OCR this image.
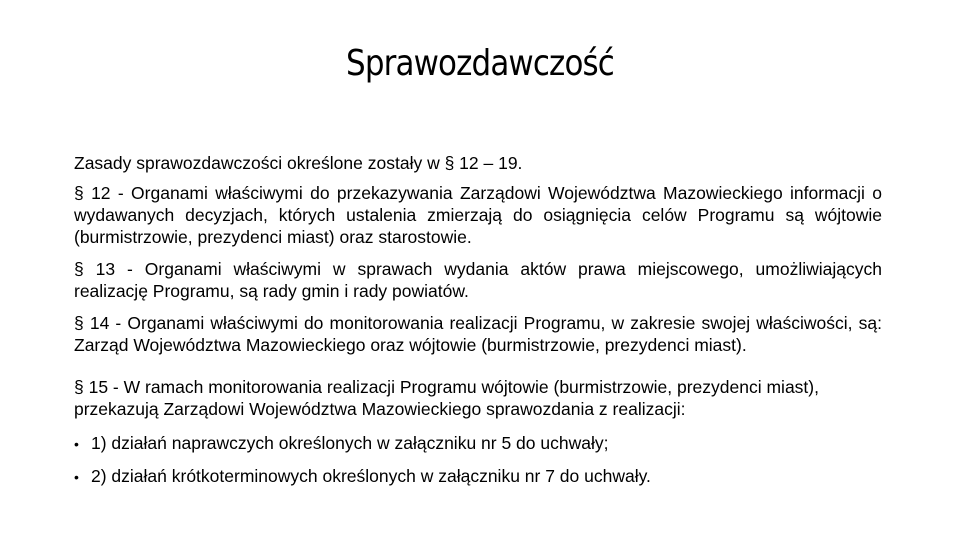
Sprawozdawczość

Zasady sprawozdawczości określone zostały w § 12 – 19.

§ 12 - Organami właściwymi do przekazywania Zarządowi Województwa Mazowieckiego informacji o wydawanych decyzjach, których ustalenia zmierzają do osiągnięcia celów Programu są wójtowie (burmistrzowie, prezydenci miast) oraz starostowie.

§ 13 - Organami właściwymi w sprawach wydania aktów prawa miejscowego, umożliwiających realizację Programu, są rady gmin i rady powiatów.

§ 14 - Organami właściwymi do monitorowania realizacji Programu, w zakresie swojej właściwości, są: Zarząd Województwa Mazowieckiego oraz wójtowie (burmistrzowie, prezydenci miast).

§ 15 - W ramach monitorowania realizacji Programu wójtowie (burmistrzowie, prezydenci miast), przekazują Zarządowi Województwa Mazowieckiego sprawozdania z realizacji:

• 1) działań naprawczych określonych w załączniku nr 5 do uchwały;
• 2) działań krótkoterminowych określonych w załączniku nr 7 do uchwały.
